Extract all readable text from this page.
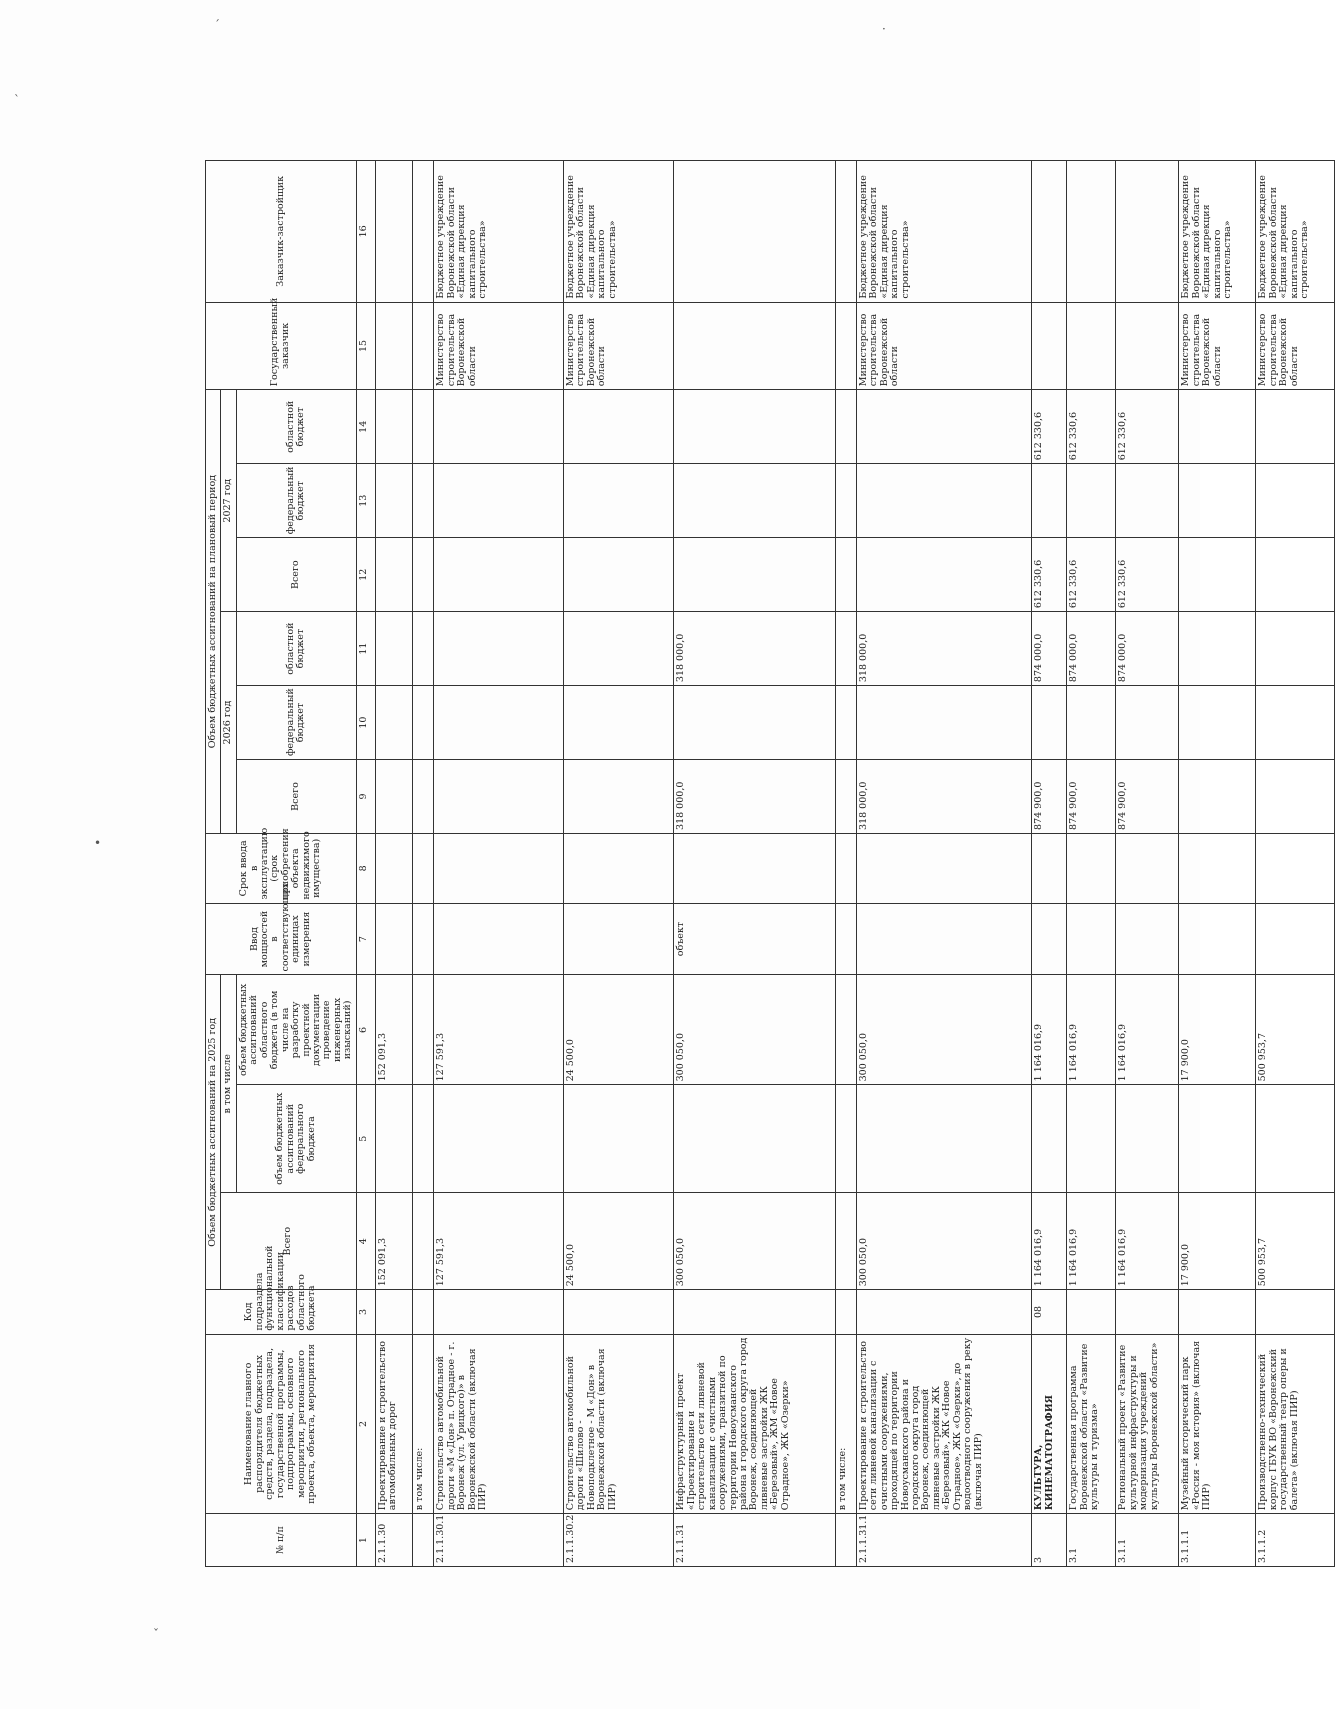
´	·
`
•
ˇ
№ п/п	Наименование главного распорядителя бюджетных средств, раздела, подраздела, государственной программы, подпрограммы, основного мероприятия, регионального проекта, объекта, мероприятия	Код подраздела функциональной классификации расходов областного бюджета	Объем бюджетных ассигнований на 2025 год			Ввод мощностей в соответствующих единицах измерения	Срок ввода в эксплуатацию (срок приобретения объекта недвижимого имущества)	Объем бюджетных ассигнований на плановый период						Государственный заказчик	Заказчик-застройщик
			Всего	в том числе				2026 год			2027 год				
				объем бюджетных ассигнований федерального бюджета	объем бюджетных ассигнований областного бюджета (в том числе на разработку проектной документации проведение инженерных изысканий)			Всего	федеральный бюджет	областной бюджет	Всего	федеральный бюджет	областной бюджет		

1	2	3	4	5	6	7	8	9	10	11	12	13	14	15	16
2.1.1.30	Проектирование и строительство автомобильных дорог		152 091,3		152 091,3										
	в том числе:														
2.1.1.30.1	Строительство автомобильной дороги «М «Дон» п. Отрадное - г. Воронеж (ул. Урицкого)» в Воронежской области (включая ПИР)		127 591,3		127 591,3									Министерство строительства Воронежской области	Бюджетное учреждение Воронежской области «Единая дирекция капитального строительства»
2.1.1.30.2	Строительство автомобильной дороги «Шилово - Новоподклетное - М «Дон» в Воронежской области (включая ПИР)		24 500,0		24 500,0									Министерство строительства Воронежской области	Бюджетное учреждение Воронежской области «Единая дирекция капитального строительства»
2.1.1.31	Инфраструктурный проект «Проектирование и строительство сети ливневой канализации с очистными сооружениями, транзитной по территории Новоусманского района и городского округа город Воронеж, соединяющей ливневые застройки ЖК «Березовый», ЖМ «Новое Отрадное», ЖК «Озерки»		300 050,0		300 050,0	объект		318 000,0		318 000,0					
	в том числе:														
2.1.1.31.1	Проектирование и строительство сети ливневой канализации с очистными сооружениями, проходящей по территории Новоусманского района и городского округа город Воронеж, соединяющей ливневые застройки ЖК «Березовый», ЖК «Новое Отрадное», ЖК «Озерки», до водоотводного сооружения в реку (включая ПИР)		300 050,0		300 050,0			318 000,0		318 000,0				Министерство строительства Воронежской области	Бюджетное учреждение Воронежской области «Единая дирекция капитального строительства»
3	КУЛЬТУРА, КИНЕМАТОГРАФИЯ	08	1 164 016,9		1 164 016,9			874 900,0		874 000,0	612 330,6		612 330,6		
3.1	Государственная программа Воронежской области «Развитие культуры и туризма»		1 164 016,9		1 164 016,9			874 900,0		874 000,0	612 330,6		612 330,6		
3.1.1	Региональный проект «Развитие культурной инфраструктуры и модернизация учреждений культуры Воронежской области»		1 164 016,9		1 164 016,9			874 900,0		874 000,0	612 330,6		612 330,6		
3.1.1.1	Музейный исторический парк «Россия - моя история» (включая ПИР)		17 900,0		17 900,0									Министерство строительства Воронежской области	Бюджетное учреждение Воронежской области «Единая дирекция капитального строительства»
3.1.1.2	Производственно-технический корпус ГБУК ВО «Воронежский государственный театр оперы и балета» (включая ПИР)		500 953,7		500 953,7									Министерство строительства Воронежской области	Бюджетное учреждение Воронежской области «Единая дирекция капитального строительства»
